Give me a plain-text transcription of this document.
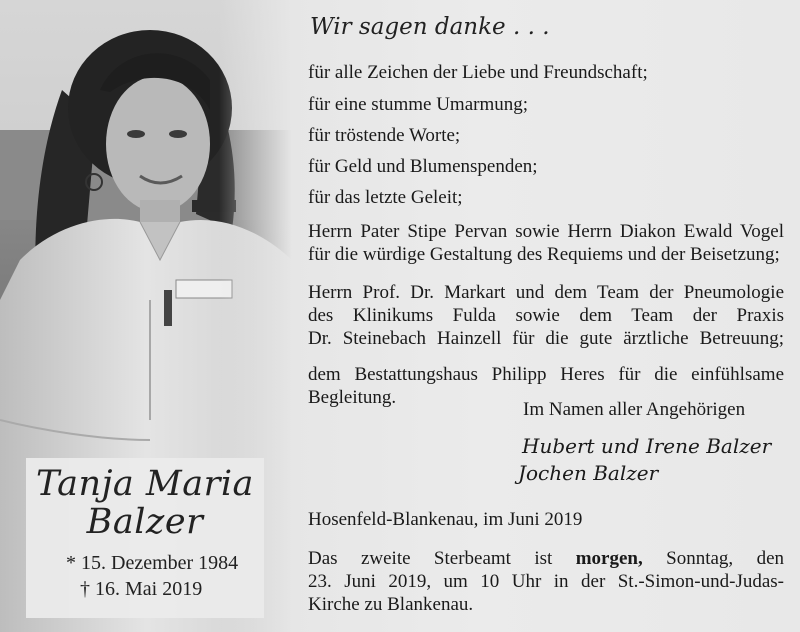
Tanja Maria
Balzer
* 15. Dezember 1984
† 16. Mai 2019
Wir sagen danke . . .
für alle Zeichen der Liebe und Freundschaft;
für eine stumme Umarmung;
für tröstende Worte;
für Geld und Blumenspenden;
für das letzte Geleit;
Herrn Pater Stipe Pervan sowie Herrn Diakon Ewald Vogel
für die würdige Gestaltung des Requiems und der Beisetzung;
Herrn Prof. Dr. Markart und dem Team der Pneumologie
des Klinikums Fulda sowie dem Team der Praxis
Dr. Steinebach Hainzell für die gute ärztliche Betreuung;
dem Bestattungshaus Philipp Heres für die einfühlsame
Begleitung.
Im Namen aller Angehörigen
Hubert und Irene Balzer
Jochen Balzer
Hosenfeld-Blankenau, im Juni 2019
Das zweite Sterbeamt ist morgen, Sonntag, den
23. Juni 2019, um 10 Uhr in der St.-Simon-und-Judas-
Kirche zu Blankenau.
